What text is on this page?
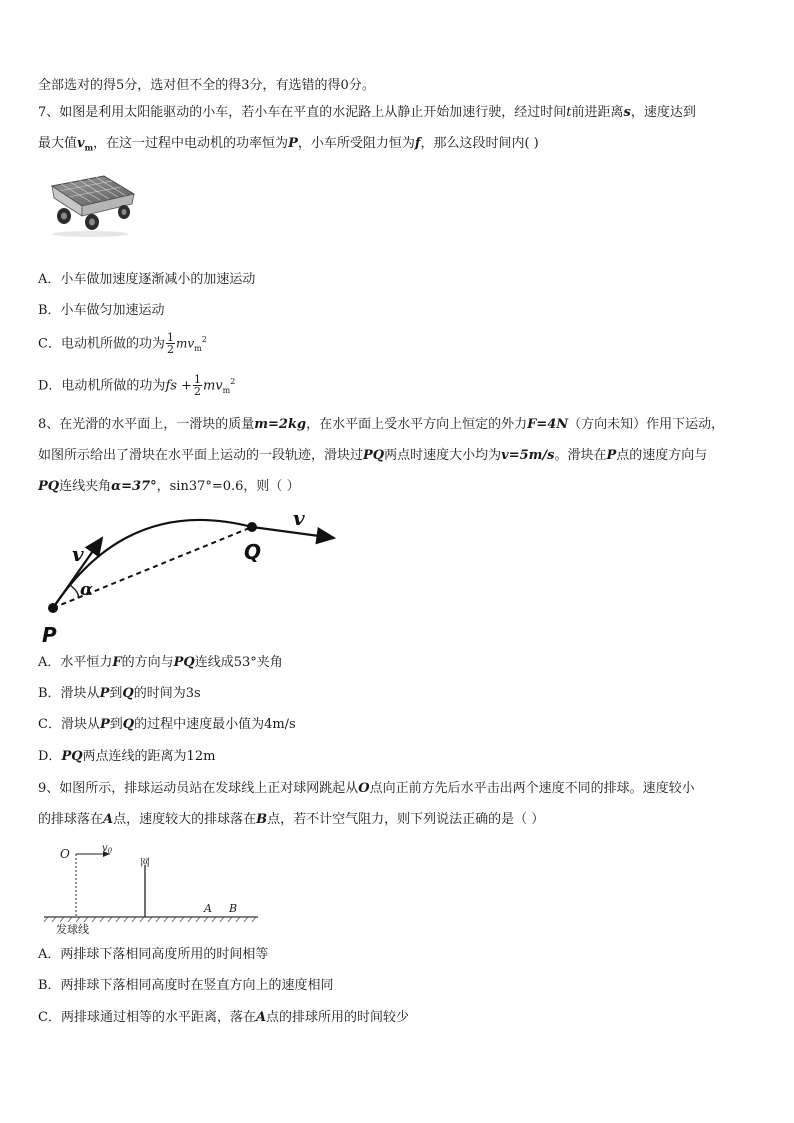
全部选对的得5分，选对但不全的得3分，有选错的得0分。
7、如图是利用太阳能驱动的小车，若小车在平直的水泥路上从静止开始加速行驶，经过时间t前进距离s，速度达到
最大值$v_m$，在这一过程中电动机的功率恒为P，小车所受阻力恒为f，那么这段时间内( )
A．小车做加速度逐渐减小的加速运动
B．小车做匀加速运动
C．电动机所做的功为 $\frac{1}{2} mv_m^2$
D．电动机所做的功为fs + $\frac{1}{2} mv_m^2$
8、在光滑的水平面上，一滑块的质量m=2kg，在水平面上受水平方向上恒定的外力F=4N（方向未知）作用下运动，
如图所示给出了滑块在水平面上运动的一段轨迹，滑块过PQ两点时速度大小均为v=5m/s。滑块在P点的速度方向与
PQ连线夹角α=37°，sin37°=0.6，则（ ）
v
α
Q
v
P
A．水平恒力F的方向与PQ连线成53°夹角
B．滑块从P到Q的时间为3s
C．滑块从P到Q的过程中速度最小值为4m/s
D．PQ两点连线的距离为12m
9、如图所示，排球运动员站在发球线上正对球网跳起从O点向正前方先后水平击出两个速度不同的排球。速度较小
的排球落在A点，速度较大的排球落在B点，若不计空气阻力，则下列说法正确的是（ ）
O	$v_0$
网
A B
发球线
A．两排球下落相同高度所用的时间相等
B．两排球下落相同高度时在竖直方向上的速度相同
C．两排球通过相等的水平距离，落在A点的排球所用的时间较少
